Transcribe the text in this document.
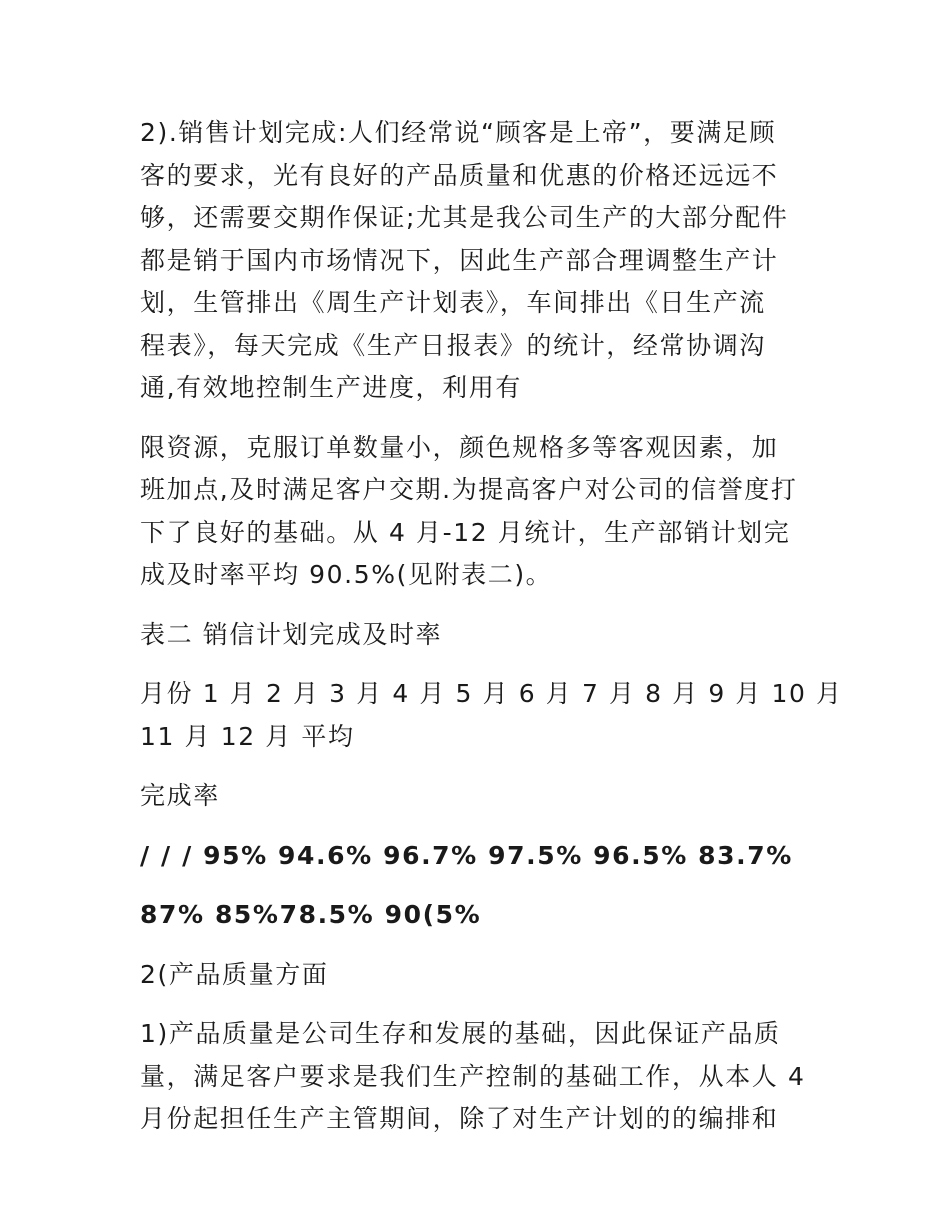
2).销售计划完成:人们经常说“顾客是上帝”，要满足顾
客的要求，光有良好的产品质量和优惠的价格还远远不
够，还需要交期作保证;尤其是我公司生产的大部分配件
都是销于国内市场情况下，因此生产部合理调整生产计
划，生管排出《周生产计划表》，车间排出《日生产流
程表》，每天完成《生产日报表》的统计，经常协调沟
通,有效地控制生产进度，利用有

限资源，克服订单数量小，颜色规格多等客观因素，加
班加点,及时满足客户交期.为提高客户对公司的信誉度打
下了良好的基础。从 4 月-12 月统计，生产部销计划完
成及时率平均 90.5%(见附表二)。

表二 销信计划完成及时率

月份 1 月 2 月 3 月 4 月 5 月 6 月 7 月 8 月 9 月 10 月
11 月 12 月 平均

完成率

/ / / 95% 94.6% 96.7% 97.5% 96.5% 83.7%

87% 85%78.5% 90(5%

2(产品质量方面

1)产品质量是公司生存和发展的基础，因此保证产品质
量，满足客户要求是我们生产控制的基础工作，从本人 4
月份起担任生产主管期间，除了对生产计划的的编排和
